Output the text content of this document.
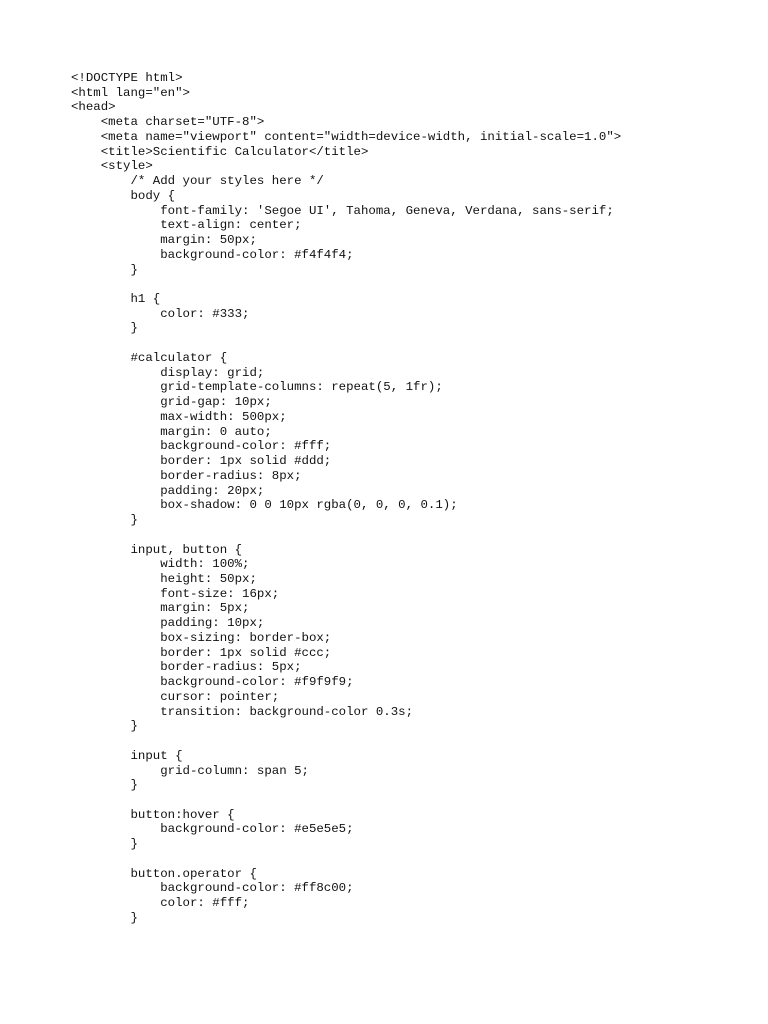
<!DOCTYPE html>
<html lang="en">
<head>
<meta charset="UTF-8">
<meta name="viewport" content="width=device-width, initial-scale=1.0">
<title>Scientific Calculator</title>
<style>
/* Add your styles here */
body {
font-family: 'Segoe UI', Tahoma, Geneva, Verdana, sans-serif;
text-align: center;
margin: 50px;
background-color: #f4f4f4;
}
h1 {
color: #333;
}
#calculator {
display: grid;
grid-template-columns: repeat(5, 1fr);
grid-gap: 10px;
max-width: 500px;
margin: 0 auto;
background-color: #fff;
border: 1px solid #ddd;
border-radius: 8px;
padding: 20px;
box-shadow: 0 0 10px rgba(0, 0, 0, 0.1);
}
input, button {
width: 100%;
height: 50px;
font-size: 16px;
margin: 5px;
padding: 10px;
box-sizing: border-box;
border: 1px solid #ccc;
border-radius: 5px;
background-color: #f9f9f9;
cursor: pointer;
transition: background-color 0.3s;
}
input {
grid-column: span 5;
}
button:hover {
background-color: #e5e5e5;
}
button.operator {
background-color: #ff8c00;
color: #fff;
}
